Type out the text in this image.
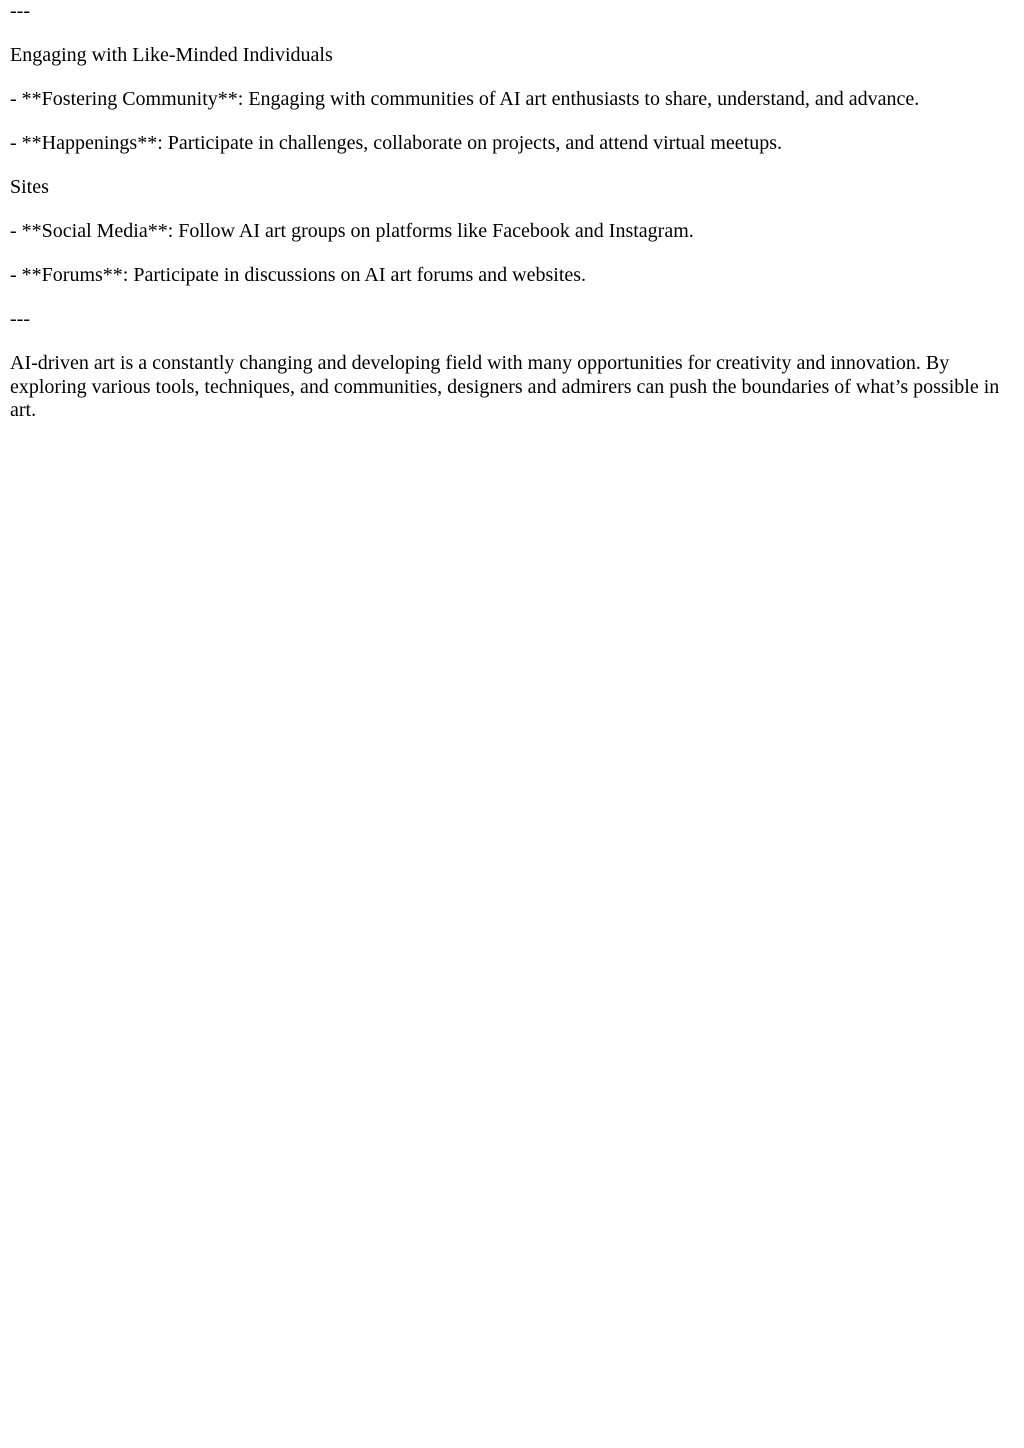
---

Engaging with Like-Minded Individuals

- **Fostering Community**: Engaging with communities of AI art enthusiasts to share, understand, and advance.

- **Happenings**: Participate in challenges, collaborate on projects, and attend virtual meetups.

Sites

- **Social Media**: Follow AI art groups on platforms like Facebook and Instagram.

- **Forums**: Participate in discussions on AI art forums and websites.

---

AI-driven art is a constantly changing and developing field with many opportunities for creativity and innovation. By exploring various tools, techniques, and communities, designers and admirers can push the boundaries of what’s possible in art.
